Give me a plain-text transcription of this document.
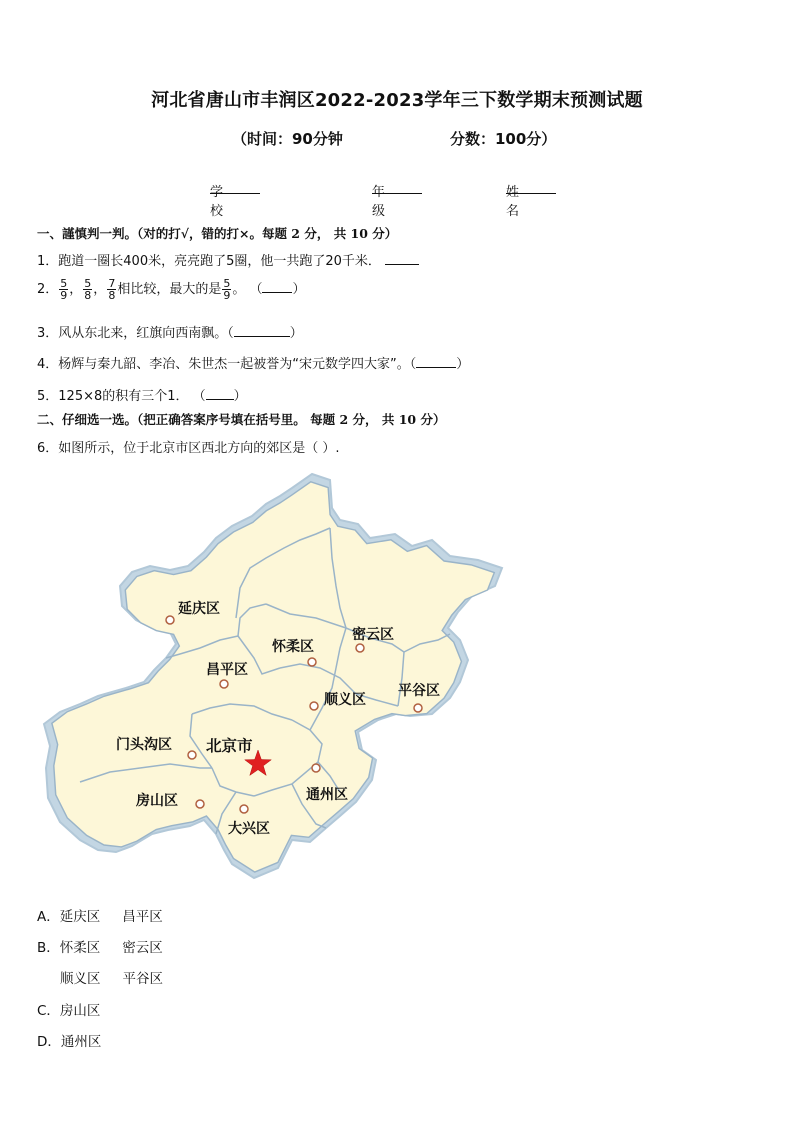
河北省唐山市丰润区2022-2023学年三下数学期末预测试题
（时间：90分钟	分数：100分）
学校
年级
姓名
一、謹慎判一判。（对的打√，错的打×。每题 2 分， 共 10 分）
1．跑道一圈长400米，亮亮跑了5圈，他一共跑了20千米．
2． $\frac{5}{9}$ ， $\frac{5}{8}$ ， $\frac{7}{8}$ 相比较，最大的是 $\frac{5}{9}$ 。 （ ）
3．风从东北来，红旗向西南飘。（	）
4．杨辉与秦九韶、李冶、朱世杰一起被誉为“宋元数学四大家”。（	）
5．125×8的积有三个1． （ ）
二、仔细选一选。（把正确答案序号填在括号里。 每题 2 分， 共 10 分）
6．如图所示，位于北京市区西北方向的郊区是（ ）.
延庆区
怀柔区
密云区
昌平区
平谷区
顺义区
门头沟区 北京市
通州区
房山区
大兴区
A．延庆区 昌平区
B．怀柔区 密云区
顺义区 平谷区
C．房山区
D．通州区
